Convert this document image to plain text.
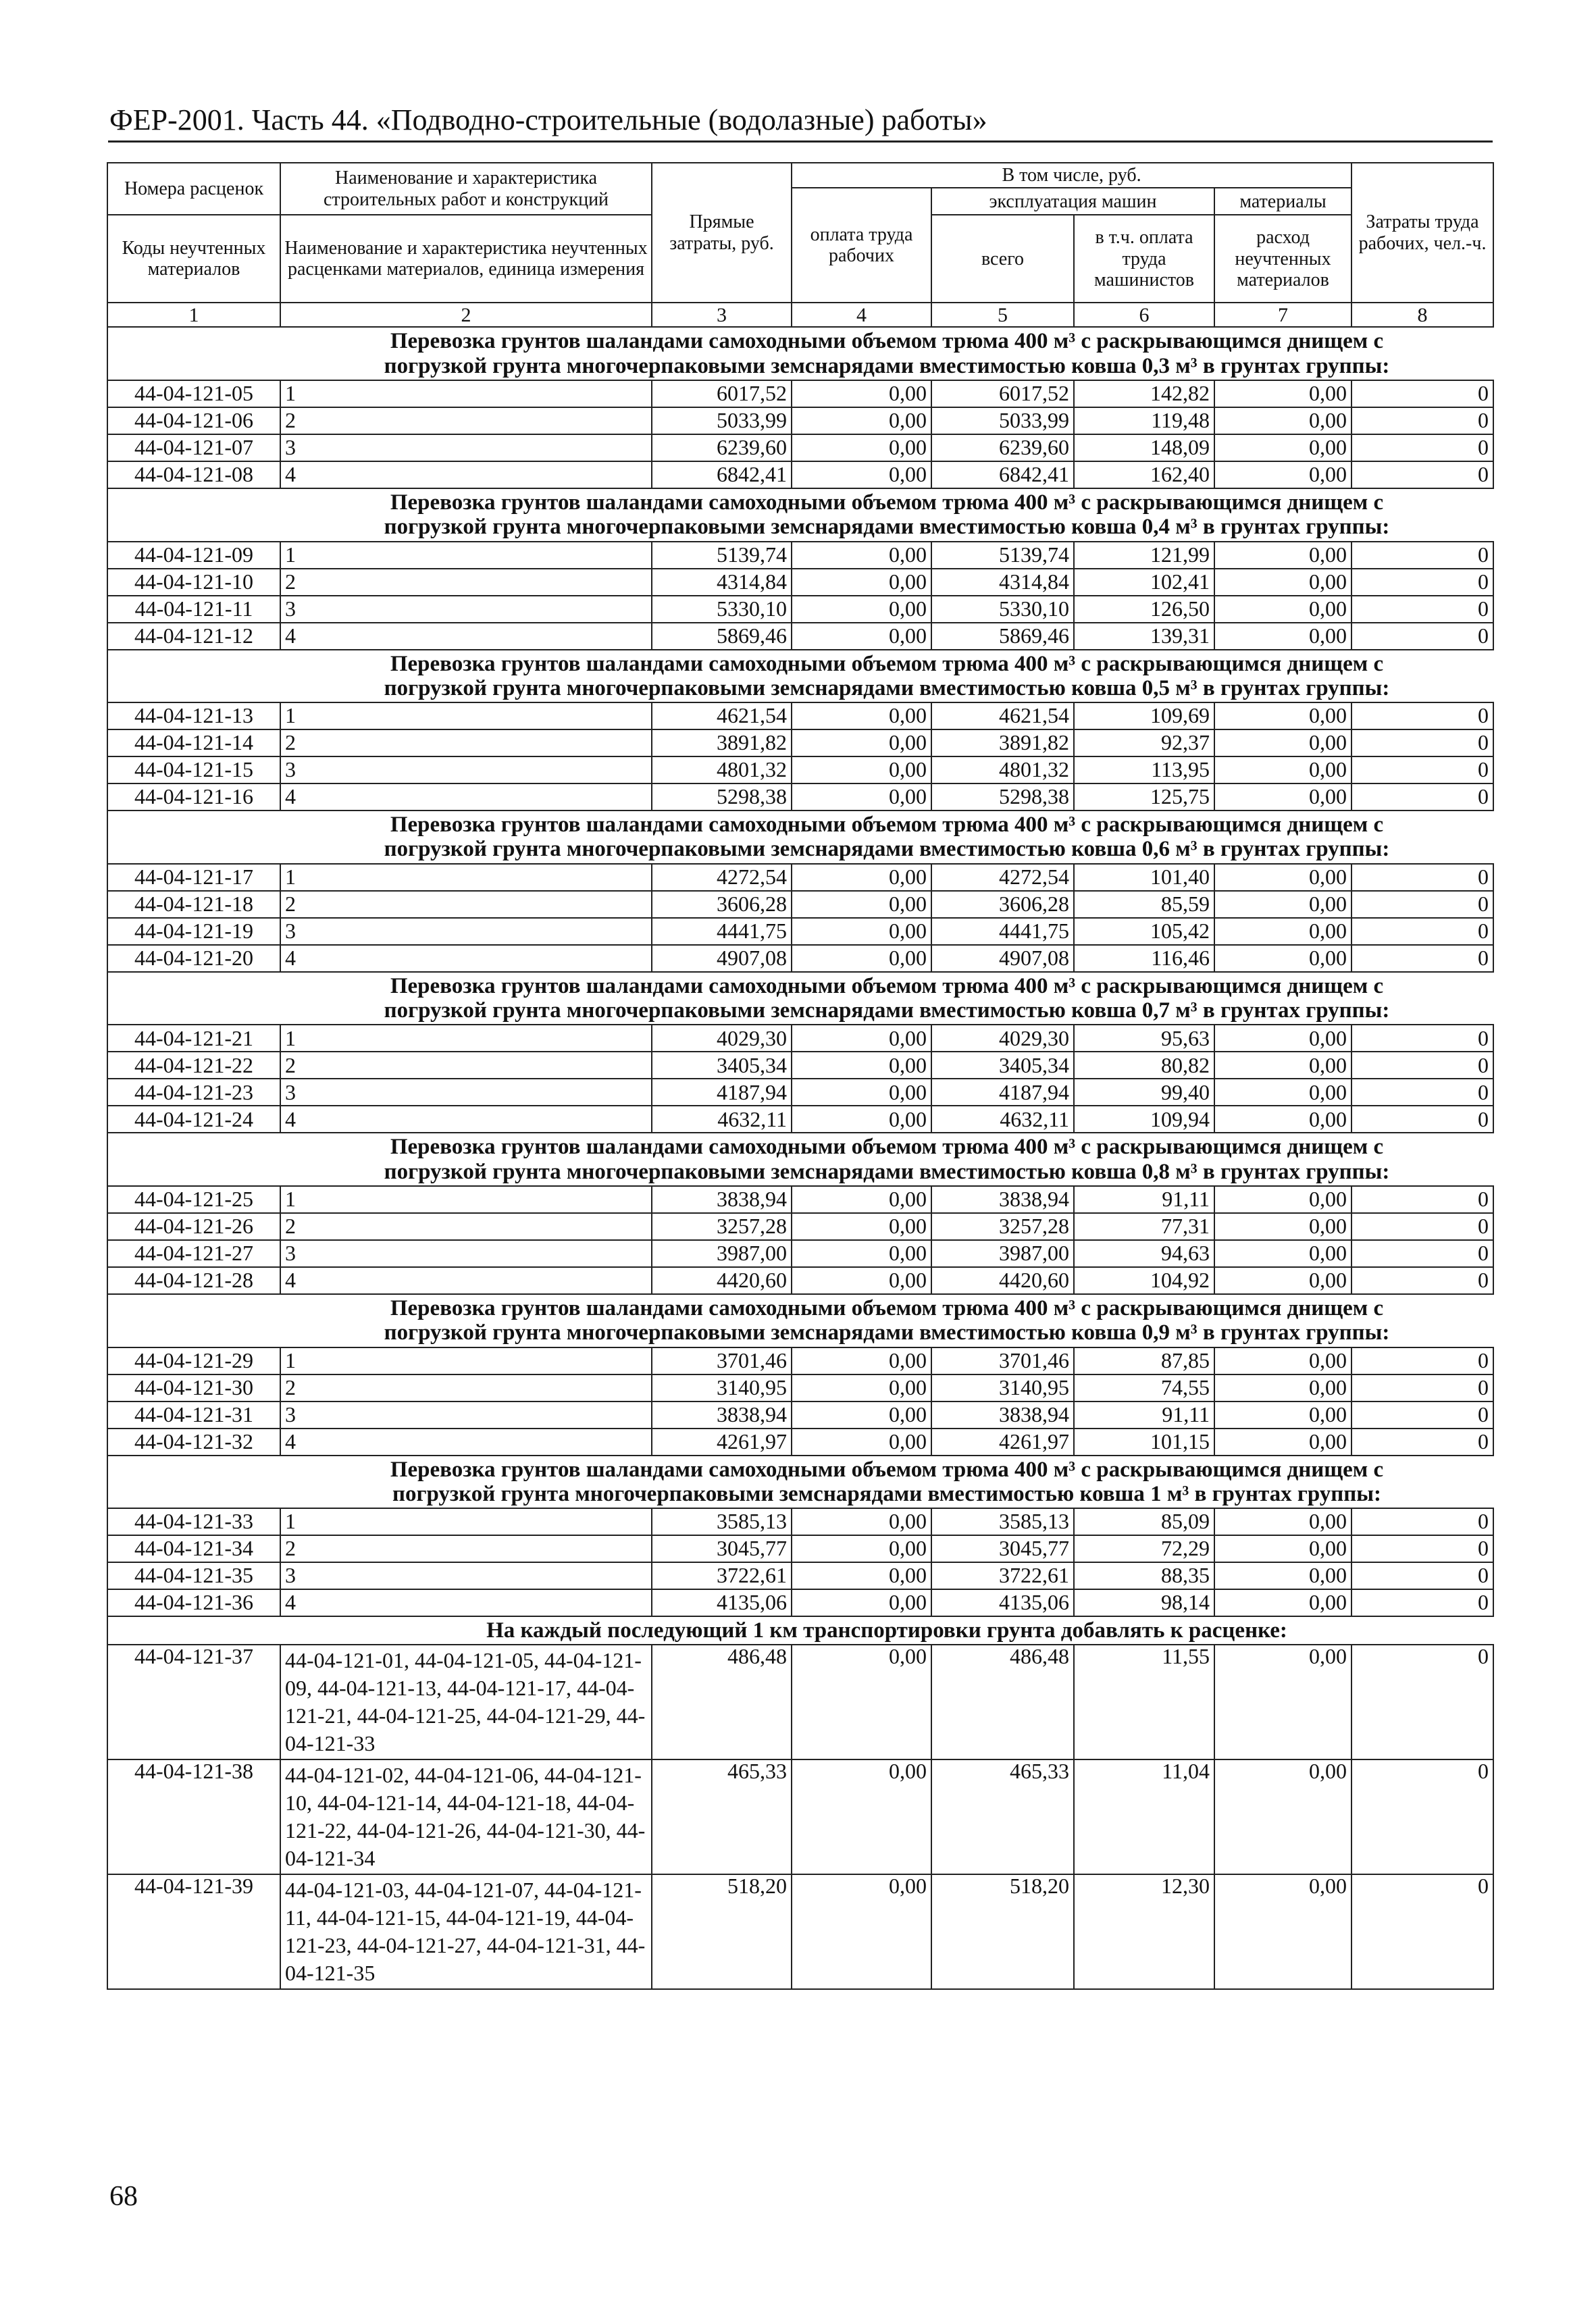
ФЕР-2001. Часть 44. «Подводно-строительные (водолазные) работы»
Номера расценок	Наименование и характеристика строительных работ и конструкций	Прямые затраты, руб.	В том числе, руб.				Затраты труда рабочих, чел.-ч.
			оплата труда рабочих	эксплуатация машин		материалы	
Коды неучтенных материалов	Наименование и характеристика неучтенных расценками материалов, единица измерения			всего	в т.ч. оплата труда машинистов	расход неучтенных материалов	

1	2	3	4	5	6	7	8

	Перевозка грунтов шаландами самоходными объемом трюма 400 м³ с раскрывающимся днищем с
погрузкой грунта многочерпаковыми земснарядами вместимостью ковша 0,3 м³ в грунтах группы:						

44-04-121-05	1	6017,52	0,00	6017,52	142,82	0,00	0
44-04-121-06	2	5033,99	0,00	5033,99	119,48	0,00	0
44-04-121-07	3	6239,60	0,00	6239,60	148,09	0,00	0
44-04-121-08	4	6842,41	0,00	6842,41	162,40	0,00	0

	Перевозка грунтов шаландами самоходными объемом трюма 400 м³ с раскрывающимся днищем с
погрузкой грунта многочерпаковыми земснарядами вместимостью ковша 0,4 м³ в грунтах группы:						

44-04-121-09	1	5139,74	0,00	5139,74	121,99	0,00	0
44-04-121-10	2	4314,84	0,00	4314,84	102,41	0,00	0
44-04-121-11	3	5330,10	0,00	5330,10	126,50	0,00	0
44-04-121-12	4	5869,46	0,00	5869,46	139,31	0,00	0

	Перевозка грунтов шаландами самоходными объемом трюма 400 м³ с раскрывающимся днищем с
погрузкой грунта многочерпаковыми земснарядами вместимостью ковша 0,5 м³ в грунтах группы:						

44-04-121-13	1	4621,54	0,00	4621,54	109,69	0,00	0
44-04-121-14	2	3891,82	0,00	3891,82	92,37	0,00	0
44-04-121-15	3	4801,32	0,00	4801,32	113,95	0,00	0
44-04-121-16	4	5298,38	0,00	5298,38	125,75	0,00	0

	Перевозка грунтов шаландами самоходными объемом трюма 400 м³ с раскрывающимся днищем с
погрузкой грунта многочерпаковыми земснарядами вместимостью ковша 0,6 м³ в грунтах группы:						

44-04-121-17	1	4272,54	0,00	4272,54	101,40	0,00	0
44-04-121-18	2	3606,28	0,00	3606,28	85,59	0,00	0
44-04-121-19	3	4441,75	0,00	4441,75	105,42	0,00	0
44-04-121-20	4	4907,08	0,00	4907,08	116,46	0,00	0

	Перевозка грунтов шаландами самоходными объемом трюма 400 м³ с раскрывающимся днищем с
погрузкой грунта многочерпаковыми земснарядами вместимостью ковша 0,7 м³ в грунтах группы:						

44-04-121-21	1	4029,30	0,00	4029,30	95,63	0,00	0
44-04-121-22	2	3405,34	0,00	3405,34	80,82	0,00	0
44-04-121-23	3	4187,94	0,00	4187,94	99,40	0,00	0
44-04-121-24	4	4632,11	0,00	4632,11	109,94	0,00	0

	Перевозка грунтов шаландами самоходными объемом трюма 400 м³ с раскрывающимся днищем с
погрузкой грунта многочерпаковыми земснарядами вместимостью ковша 0,8 м³ в грунтах группы:						

44-04-121-25	1	3838,94	0,00	3838,94	91,11	0,00	0
44-04-121-26	2	3257,28	0,00	3257,28	77,31	0,00	0
44-04-121-27	3	3987,00	0,00	3987,00	94,63	0,00	0
44-04-121-28	4	4420,60	0,00	4420,60	104,92	0,00	0

	Перевозка грунтов шаландами самоходными объемом трюма 400 м³ с раскрывающимся днищем с
погрузкой грунта многочерпаковыми земснарядами вместимостью ковша 0,9 м³ в грунтах группы:						

44-04-121-29	1	3701,46	0,00	3701,46	87,85	0,00	0
44-04-121-30	2	3140,95	0,00	3140,95	74,55	0,00	0
44-04-121-31	3	3838,94	0,00	3838,94	91,11	0,00	0
44-04-121-32	4	4261,97	0,00	4261,97	101,15	0,00	0

	Перевозка грунтов шаландами самоходными объемом трюма 400 м³ с раскрывающимся днищем с
погрузкой грунта многочерпаковыми земснарядами вместимостью ковша 1 м³ в грунтах группы:						

44-04-121-33	1	3585,13	0,00	3585,13	85,09	0,00	0
44-04-121-34	2	3045,77	0,00	3045,77	72,29	0,00	0
44-04-121-35	3	3722,61	0,00	3722,61	88,35	0,00	0
44-04-121-36	4	4135,06	0,00	4135,06	98,14	0,00	0

	На каждый последующий 1 км транспортировки грунта добавлять к расценке:						

44-04-121-37	44-04-121-01, 44-04-121-05, 44-04-121-09, 44-04-121-13, 44-04-121-17, 44-04-121-21, 44-04-121-25, 44-04-121-29, 44-04-121-33	486,48	0,00	486,48	11,55	0,00	0
44-04-121-38	44-04-121-02, 44-04-121-06, 44-04-121-10, 44-04-121-14, 44-04-121-18, 44-04-121-22, 44-04-121-26, 44-04-121-30, 44-04-121-34	465,33	0,00	465,33	11,04	0,00	0
44-04-121-39	44-04-121-03, 44-04-121-07, 44-04-121-11, 44-04-121-15, 44-04-121-19, 44-04-121-23, 44-04-121-27, 44-04-121-31, 44-04-121-35	518,20	0,00	518,20	12,30	0,00	0
68
